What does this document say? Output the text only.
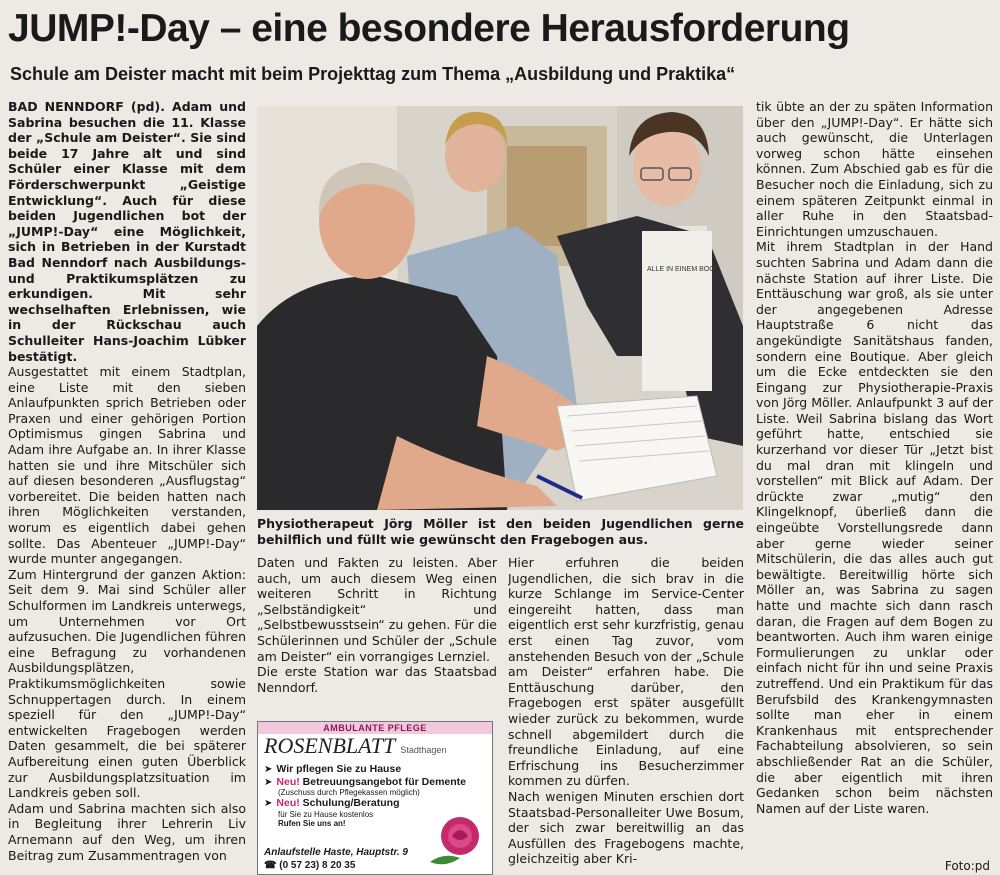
JUMP!-Day – eine besondere Herausforderung
Schule am Deister macht mit beim Projekttag zum Thema „Ausbildung und Praktika“

BAD NENNDORF (pd). Adam und Sabrina besuchen die 11. Klasse der „Schule am Deister“. Sie sind beide 17 Jahre alt und sind Schüler einer Klasse mit dem Förderschwerpunkt „Geistige Entwicklung“. Auch für diese beiden Jugendlichen bot der „JUMP!-Day“ eine Möglichkeit, sich in Betrieben in der Kurstadt Bad Nenndorf nach Ausbildungs- und Praktikumsplätzen zu erkundigen. Mit sehr wechselhaften Erlebnissen, wie in der Rückschau auch Schulleiter Hans-Joachim Lübker bestätigt.

Ausgestattet mit einem Stadtplan, eine Liste mit den sieben Anlaufpunkten sprich Betrieben oder Praxen und einer gehörigen Portion Optimismus gingen Sabrina und Adam ihre Aufgabe an. In ihrer Klasse hatten sie und ihre Mitschüler sich auf diesen besonderen „Ausflugstag“ vorbereitet. Die beiden hatten nach ihren Möglichkeiten verstanden, worum es eigentlich dabei gehen sollte. Das Abenteuer „JUMP!-Day“ wurde munter angegangen.

Zum Hintergrund der ganzen Aktion: Seit dem 9. Mai sind Schüler aller Schulformen im Landkreis unterwegs, um Unternehmen vor Ort aufzusuchen. Die Jugendlichen führen eine Befragung zu vorhandenen Ausbildungsplätzen, Praktikumsmöglichkeiten sowie Schnuppertagen durch. In einem speziell für den „JUMP!-Day“ entwickelten Fragebogen werden Daten gesammelt, die bei späterer Aufbereitung einen guten Überblick zur Ausbildungsplatzsituation im Landkreis geben soll.

Adam und Sabrina machten sich also in Begleitung ihrer Lehrerin Liv Arnemann auf den Weg, um ihren Beitrag zum Zusammentragen von

ALLE IN EINEM BOOT
Physiotherapeut Jörg Möller ist den beiden Jugendlichen gerne behilflich und füllt wie gewünscht den Fragebogen aus.

Daten und Fakten zu leisten. Aber auch, um auch diesem Weg einen weiteren Schritt in Richtung „Selbständigkeit“ und „Selbstbewusstsein“ zu gehen. Für die Schülerinnen und Schüler der „Schule am Deister“ ein vorrangiges Lernziel.

Die erste Station war das Staatsbad Nenndorf.

AMBULANTE PFLEGE
ROSENBLATT Stadthagen
➤ Wir pflegen Sie zu Hause
➤ Neu! Betreuungsangebot für Demente
(Zuschuss durch Pflegekassen möglich)
➤ Neu! Schulung/Beratung
für Sie zu Hause kostenlos
Rufen Sie uns an!
Anlaufstelle Haste, Hauptstr. 9
☎ (0 57 23) 8 20 35

Hier erfuhren die beiden Jugendlichen, die sich brav in die kurze Schlange im Service-Center eingereiht hatten, dass man eigentlich erst sehr kurzfristig, genau erst einen Tag zuvor, vom anstehenden Besuch von der „Schule am Deister“ erfahren habe. Die Enttäuschung darüber, den Fragebogen erst später ausgefüllt wieder zurück zu bekommen, wurde schnell abgemildert durch die freundliche Einladung, auf eine Erfrischung ins Besucherzimmer kommen zu dürfen.

Nach wenigen Minuten erschien dort Staatsbad-Personalleiter Uwe Bosum, der sich zwar bereitwillig an das Ausfüllen des Fragebogens machte, gleichzeitig aber Kri-

tik übte an der zu späten Information über den „JUMP!-Day“. Er hätte sich auch gewünscht, die Unterlagen vorweg schon hätte einsehen können. Zum Abschied gab es für die Besucher noch die Einladung, sich zu einem späteren Zeitpunkt einmal in aller Ruhe in den Staatsbad-Einrichtungen umzuschauen.

Mit ihrem Stadtplan in der Hand suchten Sabrina und Adam dann die nächste Station auf ihrer Liste. Die Enttäuschung war groß, als sie unter der angegebenen Adresse Hauptstraße 6 nicht das angekündigte Sanitätshaus fanden, sondern eine Boutique. Aber gleich um die Ecke entdeckten sie den Eingang zur Physiotherapie-Praxis von Jörg Möller. Anlaufpunkt 3 auf der Liste. Weil Sabrina bislang das Wort geführt hatte, entschied sie kurzerhand vor dieser Tür „Jetzt bist du mal dran mit klingeln und vorstellen“ mit Blick auf Adam. Der drückte zwar „mutig“ den Klingelknopf, überließ dann die eingeübte Vorstellungsrede dann aber gerne wieder seiner Mitschülerin, die das alles auch gut bewältigte. Bereitwillig hörte sich Möller an, was Sabrina zu sagen hatte und machte sich dann rasch daran, die Fragen auf dem Bogen zu beantworten. Auch ihm waren einige Formulierungen zu unklar oder einfach nicht für ihn und seine Praxis zutreffend. Und ein Praktikum für das Berufsbild des Krankengymnasten sollte man eher in einem Krankenhaus mit entsprechender Fachabteilung absolvieren, so sein abschließender Rat an die Schüler, die aber eigentlich mit ihren Gedanken schon beim nächsten Namen auf der Liste waren.

Foto:pd
